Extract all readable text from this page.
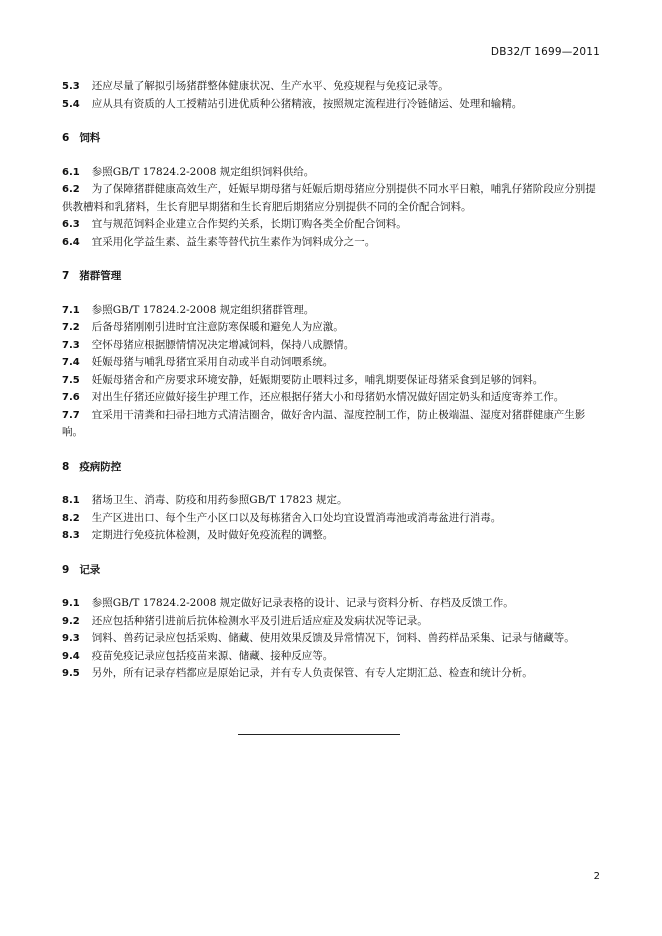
DB32/T 1699—2011

5.3 还应尽量了解拟引场猪群整体健康状况、生产水平、免疫规程与免疫记录等。

5.4 应从具有资质的人工授精站引进优质种公猪精液，按照规定流程进行冷链储运、处理和输精。

6 饲料

6.1 参照GB/T 17824.2-2008 规定组织饲料供给。

6.2 为了保障猪群健康高效生产，妊娠早期母猪与妊娠后期母猪应分别提供不同水平日粮，哺乳仔猪阶段应分别提供教槽料和乳猪料，生长育肥早期猪和生长育肥后期猪应分别提供不同的全价配合饲料。

6.3 宜与规范饲料企业建立合作契约关系，长期订购各类全价配合饲料。

6.4 宜采用化学益生素、益生素等替代抗生素作为饲料成分之一。

7 猪群管理

7.1 参照GB/T 17824.2-2008 规定组织猪群管理。

7.2 后备母猪刚刚引进时宜注意防寒保暖和避免人为应激。

7.3 空怀母猪应根据膘情情况决定增减饲料，保持八成膘情。

7.4 妊娠母猪与哺乳母猪宜采用自动或半自动饲喂系统。

7.5 妊娠母猪舍和产房要求环境安静，妊娠期要防止喂料过多，哺乳期要保证母猪采食到足够的饲料。

7.6 对出生仔猪还应做好接生护理工作，还应根据仔猪大小和母猪奶水情况做好固定奶头和适度寄养工作。

7.7 宜采用干清粪和扫帚扫地方式清洁圈舍，做好舍内温、湿度控制工作，防止极端温、湿度对猪群健康产生影响。

8 疫病防控

8.1 猪场卫生、消毒、防疫和用药参照GB/T 17823 规定。

8.2 生产区进出口、每个生产小区口以及每栋猪舍入口处均宜设置消毒池或消毒盆进行消毒。

8.3 定期进行免疫抗体检测，及时做好免疫流程的调整。

9 记录

9.1 参照GB/T 17824.2-2008 规定做好记录表格的设计、记录与资料分析、存档及反馈工作。

9.2 还应包括种猪引进前后抗体检测水平及引进后适应症及发病状况等记录。

9.3 饲料、兽药记录应包括采购、储藏、使用效果反馈及异常情况下，饲料、兽药样品采集、记录与储藏等。

9.4 疫苗免疫记录应包括疫苗来源、储藏、接种反应等。

9.5 另外，所有记录存档都应是原始记录，并有专人负责保管、有专人定期汇总、检查和统计分析。

2
